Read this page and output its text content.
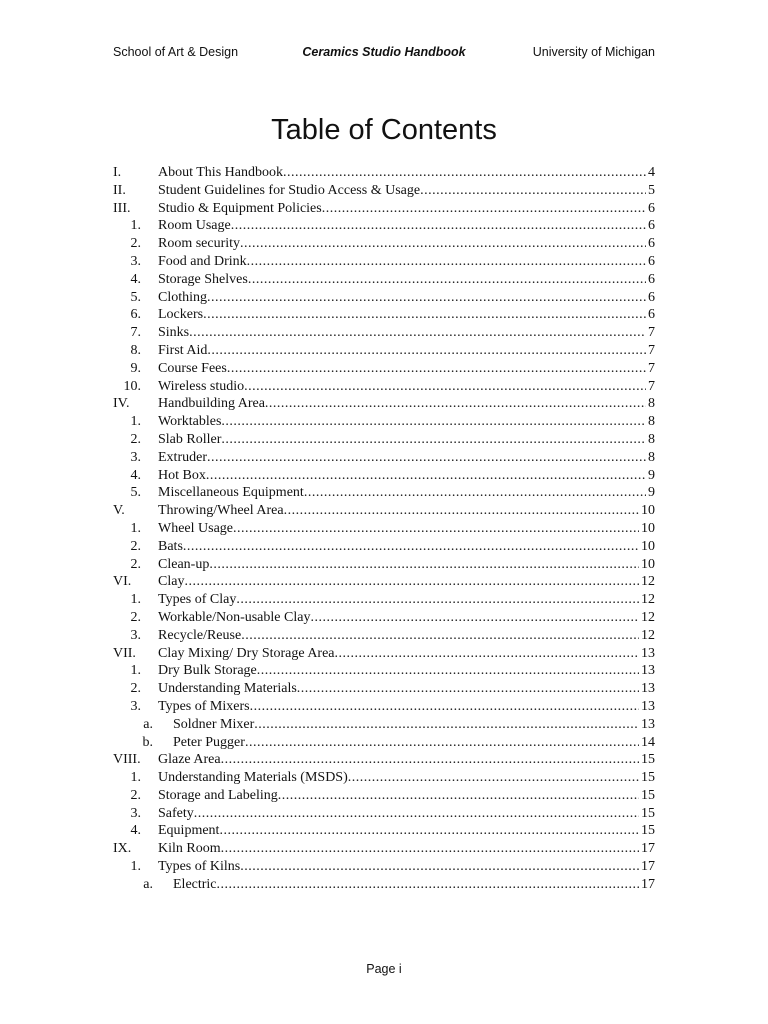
School of Art & Design	Ceramics Studio Handbook	University of Michigan
Table of Contents
I.	About This Handbook .....	4
II. Student Guidelines for Studio Access & Usage .....	5
III. Studio & Equipment Policies .....	6
1. Room Usage .....	6
2. Room security .....	6
3. Food and Drink .....	6
4. Storage Shelves .....	6
5. Clothing .....	6
6. Lockers .....	6
7. Sinks .....	7
8. First Aid .....	7
9. Course Fees .....	7
10. Wireless studio .....	7
IV. Handbuilding Area .....	8
1. Worktables .....	8
2. Slab Roller .....	8
3. Extruder .....	8
4. Hot Box .....	9
5. Miscellaneous Equipment .....	9
V. Throwing/Wheel Area .....	10
1. Wheel Usage .....	10
2. Bats .....	10
2. Clean-up .....	10
VI. Clay .....	12
1. Types of Clay .....	12
2. Workable/Non-usable Clay .....	12
3. Recycle/Reuse .....	12
VII. Clay Mixing/ Dry Storage Area .....	13
1. Dry Bulk Storage .....	13
2. Understanding Materials .....	13
3. Types of Mixers .....	13
a. Soldner Mixer .....	13
b. Peter Pugger .....	14
VIII. Glaze Area .....	15
1. Understanding Materials (MSDS) .....	15
2. Storage and Labeling .....	15
3. Safety .....	15
4. Equipment .....	15
IX. Kiln Room .....	17
1. Types of Kilns .....	17
a. Electric .....	17
Page i
